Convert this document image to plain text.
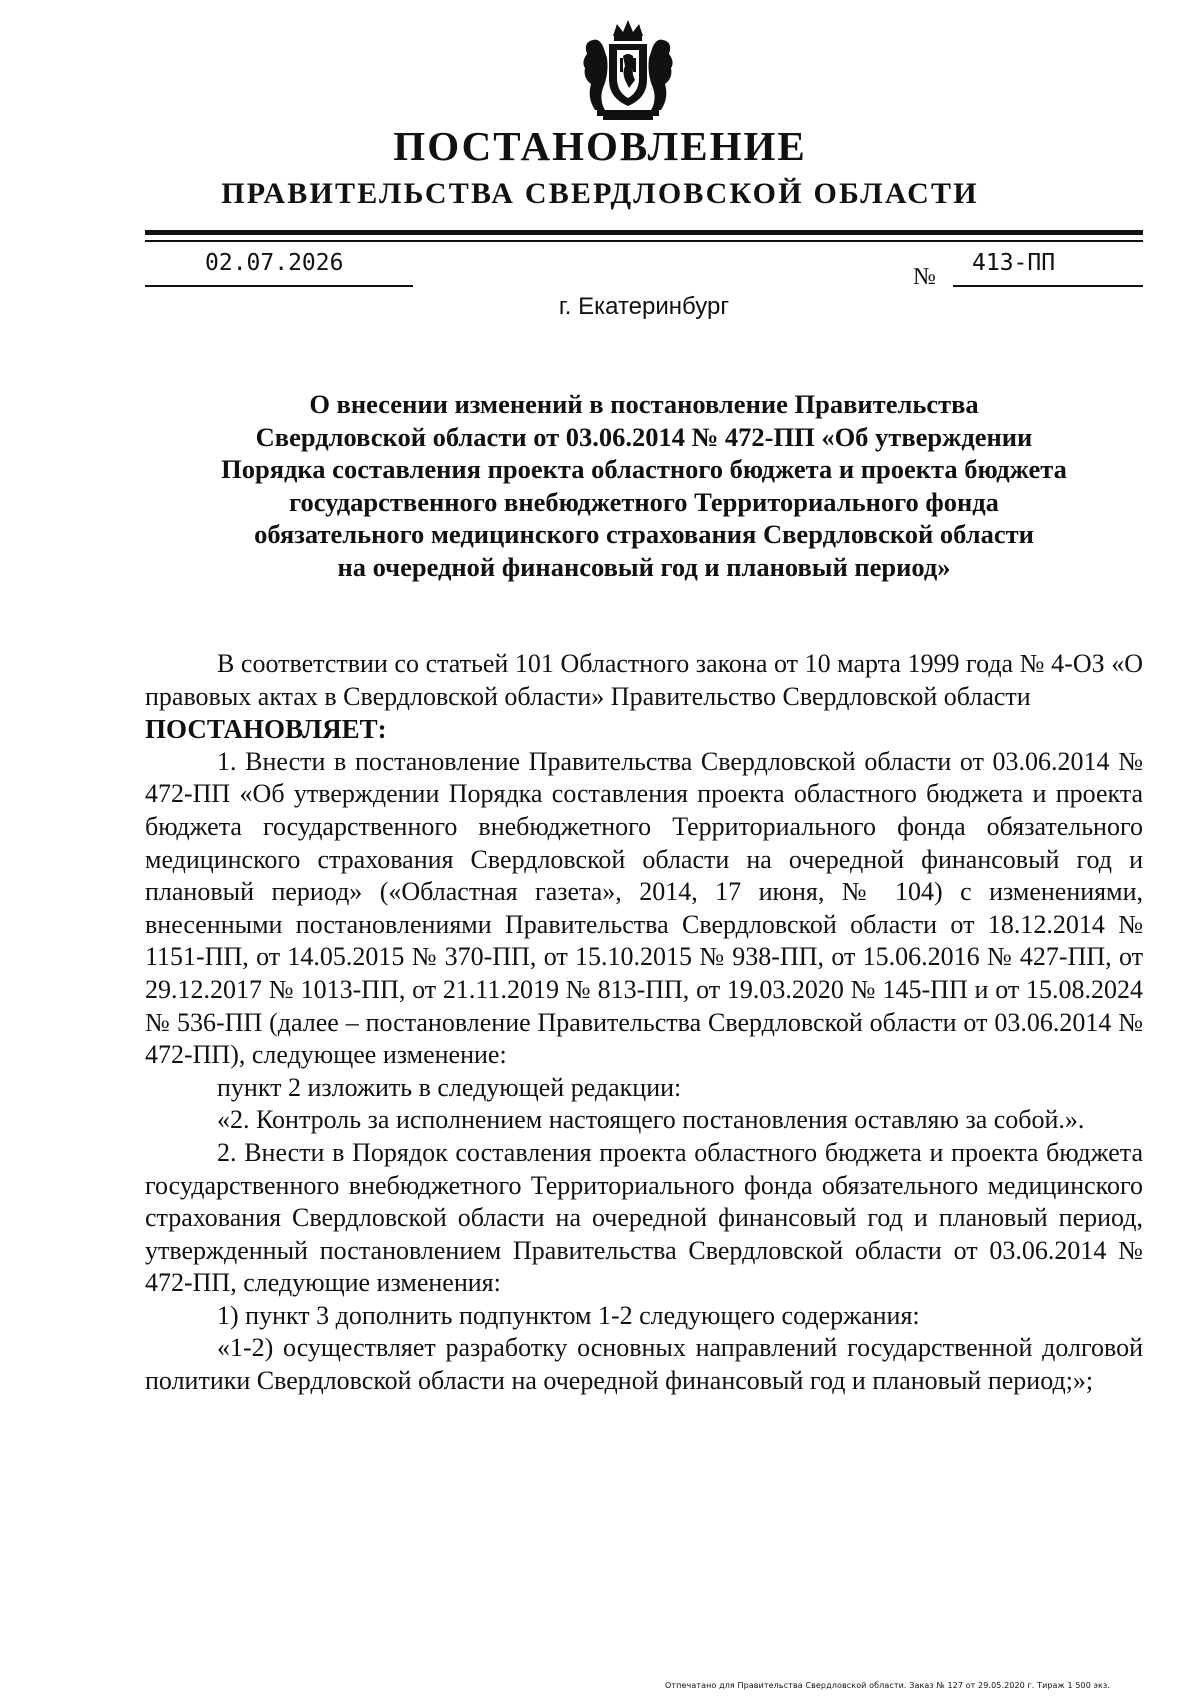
ПОСТАНОВЛЕНИЕ
ПРАВИТЕЛЬСТВА СВЕРДЛОВСКОЙ ОБЛАСТИ
02.07.2026
№
413-ПП
г. Екатеринбург
О внесении изменений в постановление Правительства
Свердловской области от 03.06.2014 № 472-ПП «Об утверждении
Порядка составления проекта областного бюджета и проекта бюджета
государственного внебюджетного Территориального фонда
обязательного медицинского страхования Свердловской области
на очередной финансовый год и плановый период»

В соответствии со статьей 101 Областного закона от 10 марта 1999 года № 4-ОЗ «О правовых актах в Свердловской области» Правительство Свердловской области

ПОСТАНОВЛЯЕТ:

1. Внести в постановление Правительства Свердловской области от 03.06.2014 № 472-ПП «Об утверждении Порядка составления проекта областного бюджета и проекта бюджета государственного внебюджетного Территориального фонда обязательного медицинского страхования Свердловской области на очередной финансовый год и плановый период» («Областная газета», 2014, 17 июня, № 104) с изменениями, внесенными постановлениями Правительства Свердловской области от 18.12.2014 № 1151-ПП, от 14.05.2015 № 370-ПП, от 15.10.2015 № 938-ПП, от 15.06.2016 № 427-ПП, от 29.12.2017 № 1013-ПП, от 21.11.2019 № 813-ПП, от 19.03.2020 № 145-ПП и от 15.08.2024 № 536-ПП (далее – постановление Правительства Свердловской области от 03.06.2014 № 472-ПП), следующее изменение:

пункт 2 изложить в следующей редакции:

«2. Контроль за исполнением настоящего постановления оставляю за собой.».

2. Внести в Порядок составления проекта областного бюджета и проекта бюджета государственного внебюджетного Территориального фонда обязательного медицинского страхования Свердловской области на очередной финансовый год и плановый период, утвержденный постановлением Правительства Свердловской области от 03.06.2014 № 472-ПП, следующие изменения:

1) пункт 3 дополнить подпунктом 1-2 следующего содержания:

«1-2) осуществляет разработку основных направлений государственной долговой политики Свердловской области на очередной финансовый год и плановый период;»;

Отпечатано для Правительства Свердловской области. Заказ № 127 от 29.05.2020 г. Тираж 1 500 экз.
